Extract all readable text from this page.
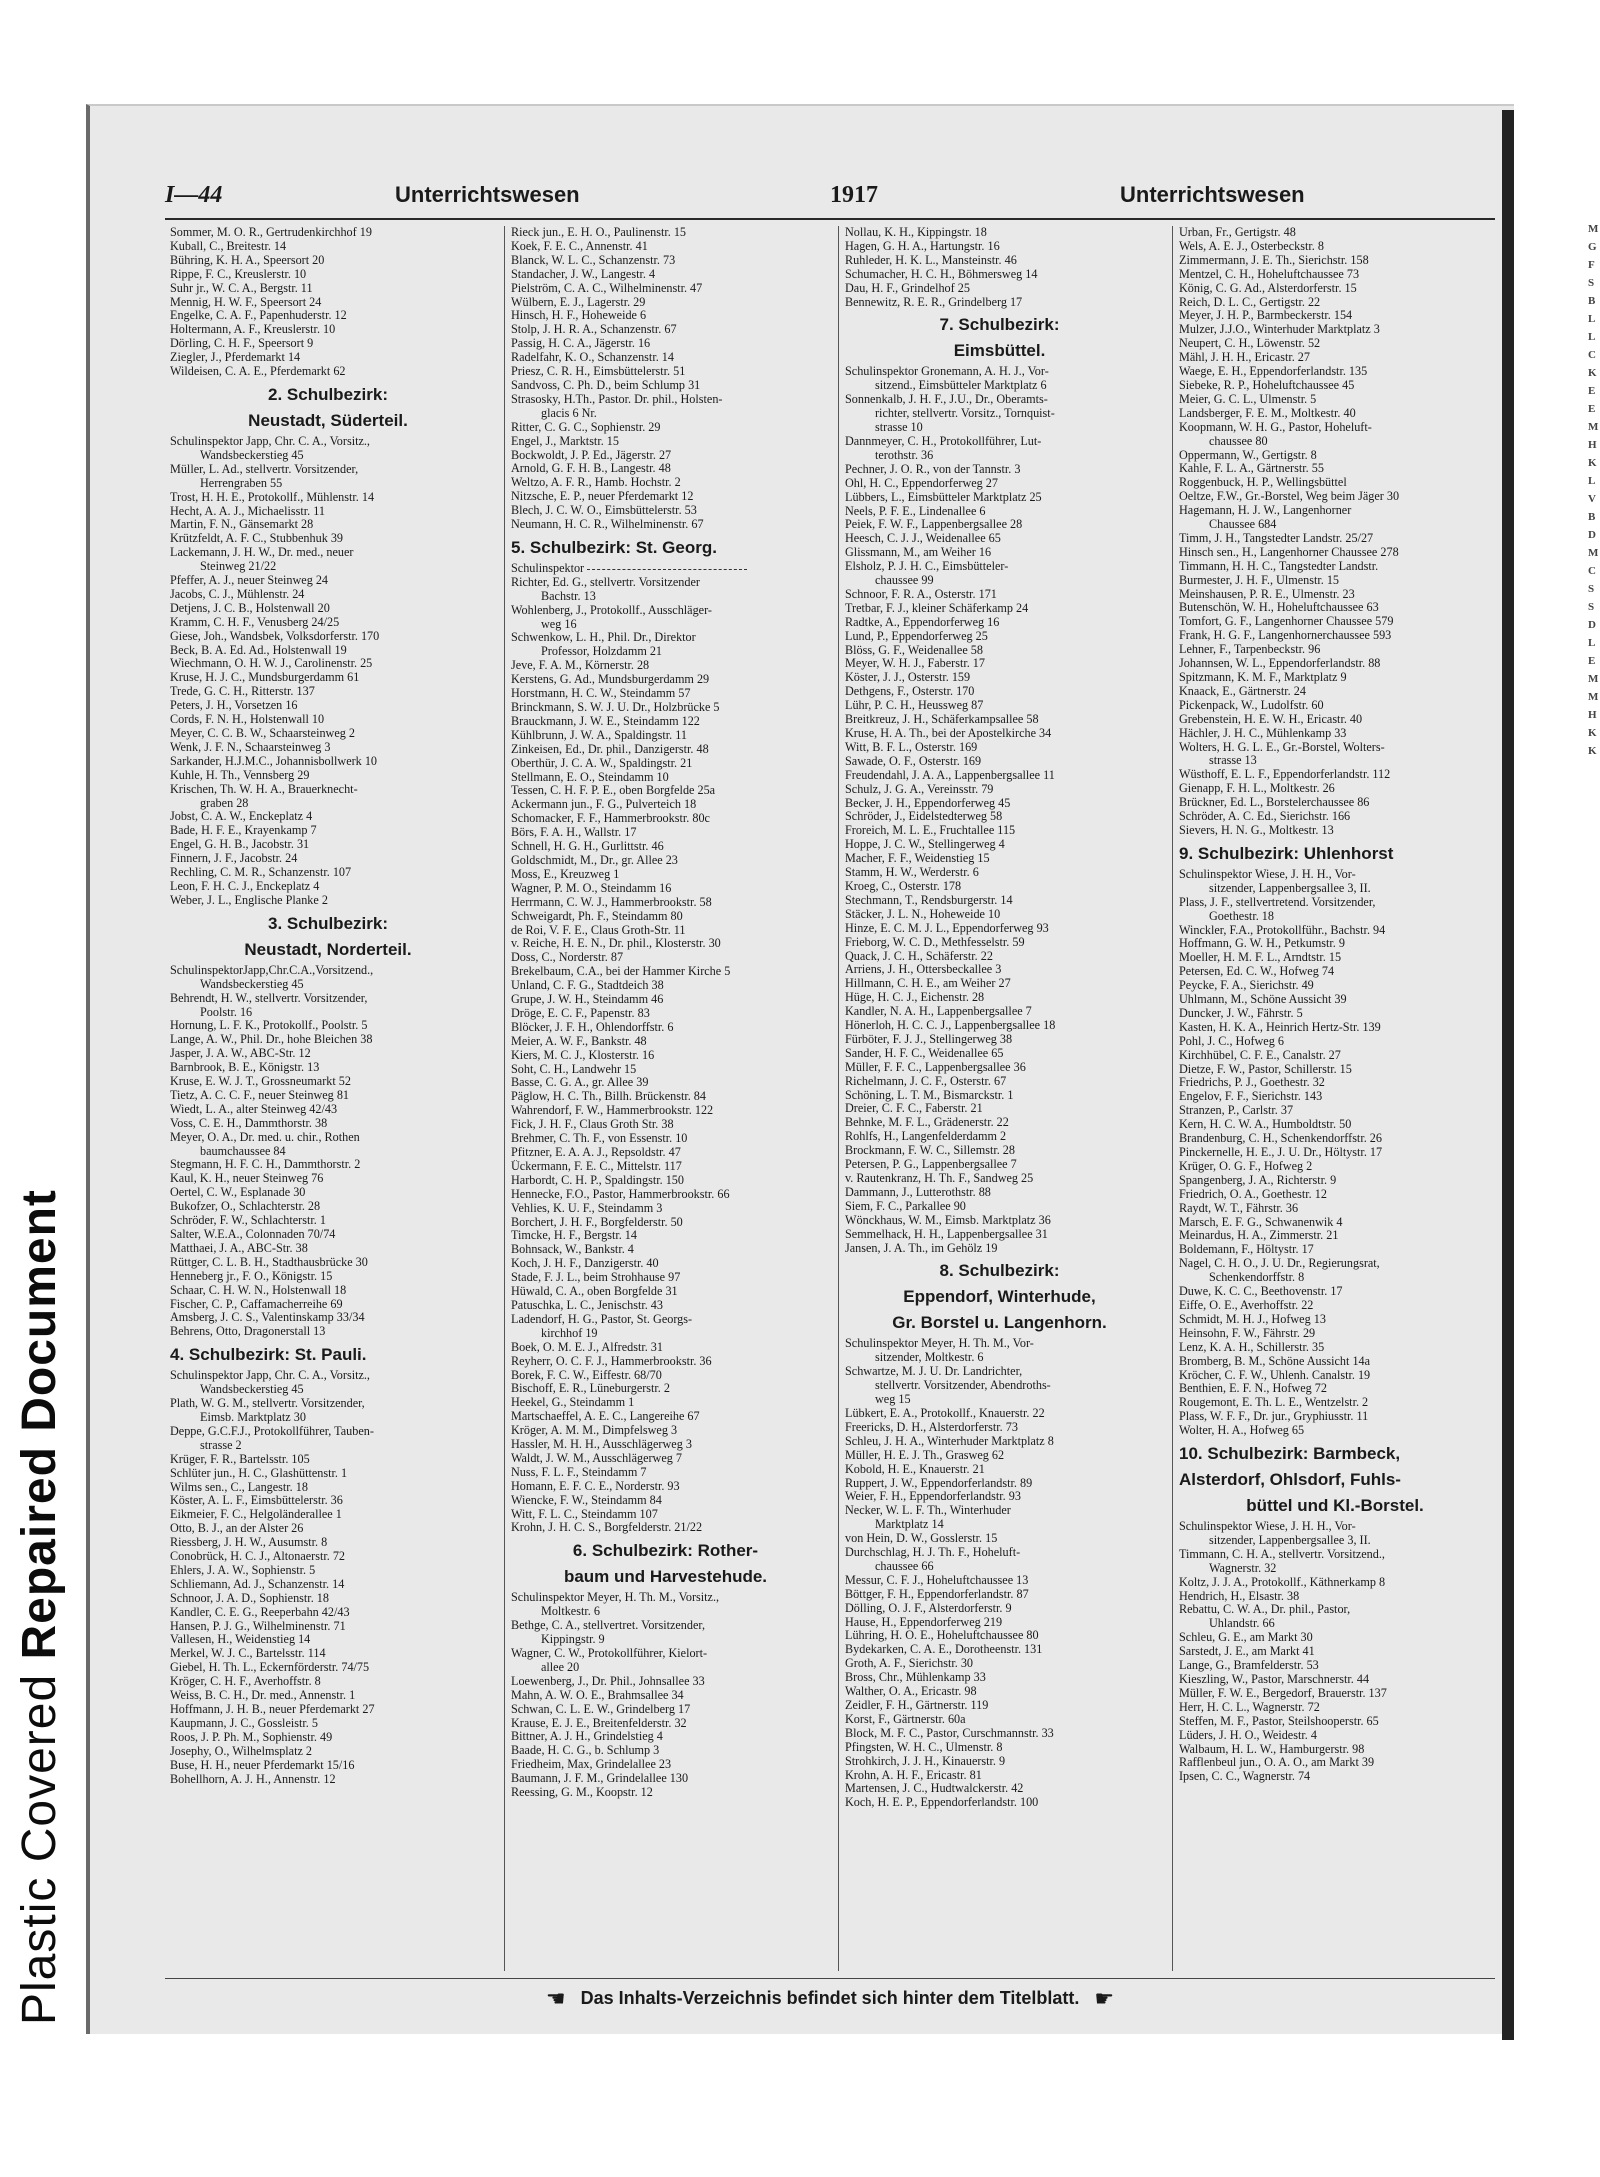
Plastic Covered Repaired Document
M G F S B L L C K E E M H K L V B D M C S S D L E M M H K K
I—44	Unterrichtswesen	1917	Unterrichtswesen
Sommer, M. O. R., Gertrudenkirchhof 19
Kuball, C., Breitestr. 14
Bühring, K. H. A., Speersort 20
Rippe, F. C., Kreuslerstr. 10
Suhr jr., W. C. A., Bergstr. 11
Mennig, H. W. F., Speersort 24
Engelke, C. A. F., Papenhuderstr. 12
Holtermann, A. F., Kreuslerstr. 10
Dörling, C. H. F., Speersort 9
Ziegler, J., Pferdemarkt 14
Wildeisen, C. A. E., Pferdemarkt 62
2. Schulbezirk:
Neustadt, Süderteil.
Schulinspektor Japp, Chr. C. A., Vorsitz.,
Wandsbeckerstieg 45
Müller, L. Ad., stellvertr. Vorsitzender,
Herrengraben 55
Trost, H. H. E., Protokollf., Mühlenstr. 14
Hecht, A. A. J., Michaelisstr. 11
Martin, F. N., Gänsemarkt 28
Krützfeldt, A. F. C., Stubbenhuk 39
Lackemann, J. H. W., Dr. med., neuer
Steinweg 21/22
Pfeffer, A. J., neuer Steinweg 24
Jacobs, C. J., Mühlenstr. 24
Detjens, J. C. B., Holstenwall 20
Kramm, C. H. F., Venusberg 24/25
Giese, Joh., Wandsbek, Volksdorferstr. 170
Beck, B. A. Ed. Ad., Holstenwall 19
Wiechmann, O. H. W. J., Carolinenstr. 25
Kruse, H. J. C., Mundsburgerdamm 61
Trede, G. C. H., Ritterstr. 137
Peters, J. H., Vorsetzen 16
Cords, F. N. H., Holstenwall 10
Meyer, C. C. B. W., Schaarsteinweg 2
Wenk, J. F. N., Schaarsteinweg 3
Sarkander, H.J.M.C., Johannisbollwerk 10
Kuhle, H. Th., Vennsberg 29
Krischen, Th. W. H. A., Brauerknecht-
graben 28
Jobst, C. A. W., Enckeplatz 4
Bade, H. F. E., Krayenkamp 7
Engel, G. H. B., Jacobstr. 31
Finnern, J. F., Jacobstr. 24
Rechling, C. M. R., Schanzenstr. 107
Leon, F. H. C. J., Enckeplatz 4
Weber, J. L., Englische Planke 2
3. Schulbezirk:
Neustadt, Norderteil.
SchulinspektorJapp,Chr.C.A.,Vorsitzend.,
Wandsbeckerstieg 45
Behrendt, H. W., stellvertr. Vorsitzender,
Poolstr. 16
Hornung, L. F. K., Protokollf., Poolstr. 5
Lange, A. W., Phil. Dr., hohe Bleichen 38
Jasper, J. A. W., ABC-Str. 12
Barnbrook, B. E., Königstr. 13
Kruse, E. W. J. T., Grossneumarkt 52
Tietz, A. C. C. F., neuer Steinweg 81
Wiedt, L. A., alter Steinweg 42/43
Voss, C. E. H., Dammthorstr. 38
Meyer, O. A., Dr. med. u. chir., Rothen
baumchaussee 84
Stegmann, H. F. C. H., Dammthorstr. 2
Kaul, K. H., neuer Steinweg 76
Oertel, C. W., Esplanade 30
Bukofzer, O., Schlachterstr. 28
Schröder, F. W., Schlachterstr. 1
Salter, W.E.A., Colonnaden 70/74
Matthaei, J. A., ABC-Str. 38
Rüttger, C. L. B. H., Stadthausbrücke 30
Henneberg jr., F. O., Königstr. 15
Schaar, C. H. W. N., Holstenwall 18
Fischer, C. P., Caffamacherreihe 69
Amsberg, J. C. S., Valentinskamp 33/34
Behrens, Otto, Dragonerstall 13
4. Schulbezirk: St. Pauli.
Schulinspektor Japp, Chr. C. A., Vorsitz.,
Wandsbeckerstieg 45
Plath, W. G. M., stellvertr. Vorsitzender,
Eimsb. Marktplatz 30
Deppe, G.C.F.J., Protokollführer, Tauben-
strasse 2
Krüger, F. R., Bartelsstr. 105
Schlüter jun., H. C., Glashüttenstr. 1
Wilms sen., C., Langestr. 18
Köster, A. L. F., Eimsbüttelerstr. 36
Eikmeier, F. C., Helgoländerallee 1
Otto, B. J., an der Alster 26
Riessberg, J. H. W., Ausumstr. 8
Conobrück, H. C. J., Altonaerstr. 72
Ehlers, J. A. W., Sophienstr. 5
Schliemann, Ad. J., Schanzenstr. 14
Schnoor, J. A. D., Sophienstr. 18
Kandler, C. E. G., Reeperbahn 42/43
Hansen, P. J. G., Wilhelminenstr. 71
Vallesen, H., Weidenstieg 14
Merkel, W. J. C., Bartelsstr. 114
Giebel, H. Th. L., Eckernförderstr. 74/75
Kröger, C. H. F., Averhoffstr. 8
Weiss, B. C. H., Dr. med., Annenstr. 1
Hoffmann, J. H. B., neuer Pferdemarkt 27
Kaupmann, J. C., Gossleistr. 5
Roos, J. P. Ph. M., Sophienstr. 49
Josephy, O., Wilhelmsplatz 2
Buse, H. H., neuer Pferdemarkt 15/16
Bohellhorn, A. J. H., Annenstr. 12
Rieck jun., E. H. O., Paulinenstr. 15
Koek, F. E. C., Annenstr. 41
Blanck, W. L. C., Schanzenstr. 73
Standacher, J. W., Langestr. 4
Pielström, C. A. C., Wilhelminenstr. 47
Wülbern, E. J., Lagerstr. 29
Hinsch, H. F., Hoheweide 6
Stolp, J. H. R. A., Schanzenstr. 67
Passig, H. C. A., Jägerstr. 16
Radelfahr, K. O., Schanzenstr. 14
Priesz, C. R. H., Eimsbüttelerstr. 51
Sandvoss, C. Ph. D., beim Schlump 31
Strasosky, H.Th., Pastor. Dr. phil., Holsten-
glacis 6 Nr.
Ritter, C. G. C., Sophienstr. 29
Engel, J., Marktstr. 15
Bockwoldt, J. P. Ed., Jägerstr. 27
Arnold, G. F. H. B., Langestr. 48
Weltzo, A. F. R., Hamb. Hochstr. 2
Nitzsche, E. P., neuer Pferdemarkt 12
Blech, J. C. W. O., Eimsbüttelerstr. 53
Neumann, H. C. R., Wilhelminenstr. 67
5. Schulbezirk: St. Georg.
Schulinspektor
Richter, Ed. G., stellvertr. Vorsitzender
Bachstr. 13
Wohlenberg, J., Protokollf., Ausschläger-
weg 16
Schwenkow, L. H., Phil. Dr., Direktor
Professor, Holzdamm 21
Jeve, F. A. M., Körnerstr. 28
Kerstens, G. Ad., Mundsburgerdamm 29
Horstmann, H. C. W., Steindamm 57
Brinckmann, S. W. J. U. Dr., Holzbrücke 5
Brauckmann, J. W. E., Steindamm 122
Kühlbrunn, J. W. A., Spaldingstr. 11
Zinkeisen, Ed., Dr. phil., Danzigerstr. 48
Oberthür, J. C. A. W., Spaldingstr. 21
Stellmann, E. O., Steindamm 10
Tessen, C. H. F. P. E., oben Borgfelde 25a
Ackermann jun., F. G., Pulverteich 18
Schomacker, F. F., Hammerbrookstr. 80c
Börs, F. A. H., Wallstr. 17
Schnell, H. G. H., Gurlittstr. 46
Goldschmidt, M., Dr., gr. Allee 23
Moss, E., Kreuzweg 1
Wagner, P. M. O., Steindamm 16
Herrmann, C. W. J., Hammerbrookstr. 58
Schweigardt, Ph. F., Steindamm 80
de Roi, V. F. E., Claus Groth-Str. 11
v. Reiche, H. E. N., Dr. phil., Klosterstr. 30
Doss, C., Norderstr. 87
Brekelbaum, C.A., bei der Hammer Kirche 5
Unland, C. F. G., Stadtdeich 38
Grupe, J. W. H., Steindamm 46
Dröge, E. C. F., Papenstr. 83
Blöcker, J. F. H., Ohlendorffstr. 6
Meier, A. W. F., Bankstr. 48
Kiers, M. C. J., Klosterstr. 16
Soht, C. H., Landwehr 15
Basse, C. G. A., gr. Allee 39
Päglow, H. C. Th., Billh. Brückenstr. 84
Wahrendorf, F. W., Hammerbrookstr. 122
Fick, J. H. F., Claus Groth Str. 38
Brehmer, C. Th. F., von Essenstr. 10
Pfitzner, E. A. A. J., Repsoldstr. 47
Ückermann, F. E. C., Mittelstr. 117
Harbordt, C. H. P., Spaldingstr. 150
Hennecke, F.O., Pastor, Hammerbrookstr. 66
Vehlies, K. U. F., Steindamm 3
Borchert, J. H. F., Borgfelderstr. 50
Timcke, H. F., Bergstr. 14
Bohnsack, W., Bankstr. 4
Koch, J. H. F., Danzigerstr. 40
Stade, F. J. L., beim Strohhause 97
Hüwald, C. A., oben Borgfelde 31
Patuschka, L. C., Jenischstr. 43
Ladendorf, H. G., Pastor, St. Georgs-
kirchhof 19
Boek, O. M. E. J., Alfredstr. 31
Reyherr, O. C. F. J., Hammerbrookstr. 36
Borek, F. C. W., Eiffestr. 68/70
Bischoff, E. R., Lüneburgerstr. 2
Heekel, G., Steindamm 1
Martschaeffel, A. E. C., Langereihe 67
Kröger, A. M. M., Dimpfelsweg 3
Hassler, M. H. H., Ausschlägerweg 3
Waldt, J. W. M., Ausschlägerweg 7
Nuss, F. L. F., Steindamm 7
Homann, E. F. C. E., Norderstr. 93
Wiencke, F. W., Steindamm 84
Witt, F. L. C., Steindamm 107
Krohn, J. H. C. S., Borgfelderstr. 21/22
6. Schulbezirk: Rother-
baum und Harvestehude.
Schulinspektor Meyer, H. Th. M., Vorsitz.,
Moltkestr. 6
Bethge, C. A., stellvertret. Vorsitzender,
Kippingstr. 9
Wagner, C. W., Protokollführer, Kielort-
allee 20
Loewenberg, J., Dr. Phil., Johnsallee 33
Mahn, A. W. O. E., Brahmsallee 34
Schwan, C. L. E. W., Grindelberg 17
Krause, E. J. E., Breitenfelderstr. 32
Bittner, A. J. H., Grindelstieg 4
Baade, H. C. G., b. Schlump 3
Friedheim, Max, Grindelallee 23
Baumann, J. F. M., Grindelallee 130
Reessing, G. M., Koopstr. 12
Nollau, K. H., Kippingstr. 18
Hagen, G. H. A., Hartungstr. 16
Ruhleder, H. K. L., Mansteinstr. 46
Schumacher, H. C. H., Böhmersweg 14
Dau, H. F., Grindelhof 25
Bennewitz, R. E. R., Grindelberg 17
7. Schulbezirk:
Eimsbüttel.
Schulinspektor Gronemann, A. H. J., Vor-
sitzend., Eimsbütteler Marktplatz 6
Sonnenkalb, J. H. F., J.U., Dr., Oberamts-
richter, stellvertr. Vorsitz., Tornquist-
strasse 10
Dannmeyer, C. H., Protokollführer, Lut-
terothstr. 36
Pechner, J. O. R., von der Tannstr. 3
Ohl, H. C., Eppendorferweg 27
Lübbers, L., Eimsbütteler Marktplatz 25
Neels, P. F. E., Lindenallee 6
Peiek, F. W. F., Lappenbergsallee 28
Heesch, C. J. J., Weidenallee 65
Glissmann, M., am Weiher 16
Elsholz, P. J. H. C., Eimsbütteler-
chaussee 99
Schnoor, F. R. A., Osterstr. 171
Tretbar, F. J., kleiner Schäferkamp 24
Radtke, A., Eppendorferweg 16
Lund, P., Eppendorferweg 25
Blöss, G. F., Weidenallee 58
Meyer, W. H. J., Faberstr. 17
Köster, J. J., Osterstr. 159
Dethgens, F., Osterstr. 170
Lühr, P. C. H., Heussweg 87
Breitkreuz, J. H., Schäferkampsallee 58
Kruse, H. A. Th., bei der Apostelkirche 34
Witt, B. F. L., Osterstr. 169
Sawade, O. F., Osterstr. 169
Freudendahl, J. A. A., Lappenbergsallee 11
Schulz, J. G. A., Vereinsstr. 79
Becker, J. H., Eppendorferweg 45
Schröder, J., Eidelstedterweg 58
Froreich, M. L. E., Fruchtallee 115
Hoppe, J. C. W., Stellingerweg 4
Macher, F. F., Weidenstieg 15
Stamm, H. W., Werderstr. 6
Kroeg, C., Osterstr. 178
Stechmann, T., Rendsburgerstr. 14
Stäcker, J. L. N., Hoheweide 10
Hinze, E. C. M. J. L., Eppendorferweg 93
Frieborg, W. C. D., Methfesselstr. 59
Quack, J. C. H., Schäferstr. 22
Arriens, J. H., Ottersbeckallee 3
Hillmann, C. H. E., am Weiher 27
Hüge, H. C. J., Eichenstr. 28
Kandler, N. A. H., Lappenbergsallee 7
Hönerloh, H. C. C. J., Lappenbergsallee 18
Fürböter, F. J. J., Stellingerweg 38
Sander, H. F. C., Weidenallee 65
Müller, F. F. C., Lappenbergsallee 36
Richelmann, J. C. F., Osterstr. 67
Schöning, L. T. M., Bismarckstr. 1
Dreier, C. F. C., Faberstr. 21
Behnke, M. F. L., Grädenerstr. 22
Rohlfs, H., Langenfelderdamm 2
Brockmann, F. W. C., Sillemstr. 28
Petersen, P. G., Lappenbergsallee 7
v. Rautenkranz, H. Th. F., Sandweg 25
Dammann, J., Lutterothstr. 88
Siem, F. C., Parkallee 90
Wönckhaus, W. M., Eimsb. Marktplatz 36
Semmelhack, H. H., Lappenbergsallee 31
Jansen, J. A. Th., im Gehölz 19
8. Schulbezirk:
Eppendorf, Winterhude,
Gr. Borstel u. Langenhorn.
Schulinspektor Meyer, H. Th. M., Vor-
sitzender, Moltkestr. 6
Schwartze, M. J. U. Dr. Landrichter,
stellvertr. Vorsitzender, Abendroths-
weg 15
Lübkert, E. A., Protokollf., Knauerstr. 22
Freericks, D. H., Alsterdorferstr. 73
Schleu, J. H. A., Winterhuder Marktplatz 8
Müller, H. E. J. Th., Grasweg 62
Kobold, H. E., Knauerstr. 21
Ruppert, J. W., Eppendorferlandstr. 89
Weier, F. H., Eppendorferlandstr. 93
Necker, W. L. F. Th., Winterhuder
Marktplatz 14
von Hein, D. W., Gosslerstr. 15
Durchschlag, H. J. Th. F., Hoheluft-
chaussee 66
Messur, C. F. J., Hoheluftchaussee 13
Böttger, F. H., Eppendorferlandstr. 87
Dölling, O. J. F., Alsterdorferstr. 9
Hause, H., Eppendorferweg 219
Lühring, H. O. E., Hoheluftchaussee 80
Bydekarken, C. A. E., Dorotheenstr. 131
Groth, A. F., Sierichstr. 30
Bross, Chr., Mühlenkamp 33
Walther, O. A., Ericastr. 98
Zeidler, F. H., Gärtnerstr. 119
Korst, F., Gärtnerstr. 60a
Block, M. F. C., Pastor, Curschmannstr. 33
Pfingsten, W. H. C., Ulmenstr. 8
Strohkirch, J. J. H., Kinauerstr. 9
Krohn, A. H. F., Ericastr. 81
Martensen, J. C., Hudtwalckerstr. 42
Koch, H. E. P., Eppendorferlandstr. 100
Urban, Fr., Gertigstr. 48
Wels, A. E. J., Osterbeckstr. 8
Zimmermann, J. E. Th., Sierichstr. 158
Mentzel, C. H., Hoheluftchaussee 73
König, C. G. Ad., Alsterdorferstr. 15
Reich, D. L. C., Gertigstr. 22
Meyer, J. H. P., Barmbeckerstr. 154
Mulzer, J.J.O., Winterhuder Marktplatz 3
Neupert, C. H., Löwenstr. 52
Mähl, J. H. H., Ericastr. 27
Waege, E. H., Eppendorferlandstr. 135
Siebeke, R. P., Hoheluftchaussee 45
Meier, G. C. L., Ulmenstr. 5
Landsberger, F. E. M., Moltkestr. 40
Koopmann, W. H. G., Pastor, Hoheluft-
chaussee 80
Oppermann, W., Gertigstr. 8
Kahle, F. L. A., Gärtnerstr. 55
Roggenbuck, H. P., Wellingsbüttel
Oeltze, F.W., Gr.-Borstel, Weg beim Jäger 30
Hagemann, H. J. W., Langenhorner
Chaussee 684
Timm, J. H., Tangstedter Landstr. 25/27
Hinsch sen., H., Langenhorner Chaussee 278
Timmann, H. H. C., Tangstedter Landstr.
Burmester, J. H. F., Ulmenstr. 15
Meinshausen, P. R. E., Ulmenstr. 23
Butenschön, W. H., Hoheluftchaussee 63
Tomfort, G. F., Langenhorner Chaussee 579
Frank, H. G. F., Langenhornerchaussee 593
Lehner, F., Tarpenbeckstr. 96
Johannsen, W. L., Eppendorferlandstr. 88
Spitzmann, K. M. F., Marktplatz 9
Knaack, E., Gärtnerstr. 24
Pickenpack, W., Ludolfstr. 60
Grebenstein, H. E. W. H., Ericastr. 40
Hächler, J. H. C., Mühlenkamp 33
Wolters, H. G. L. E., Gr.-Borstel, Wolters-
strasse 13
Wüsthoff, E. L. F., Eppendorferlandstr. 112
Gienapp, F. H. L., Moltkestr. 26
Brückner, Ed. L., Borstelerchaussee 86
Schröder, A. C. Ed., Sierichstr. 166
Sievers, H. N. G., Moltkestr. 13
9. Schulbezirk: Uhlenhorst
Schulinspektor Wiese, J. H. H., Vor-
sitzender, Lappenbergsallee 3, II.
Plass, J. F., stellvertretend. Vorsitzender,
Goethestr. 18
Winckler, F.A., Protokollführ., Bachstr. 94
Hoffmann, G. W. H., Petkumstr. 9
Moeller, H. M. F. L., Arndtstr. 15
Petersen, Ed. C. W., Hofweg 74
Peycke, F. A., Sierichstr. 49
Uhlmann, M., Schöne Aussicht 39
Duncker, J. W., Fährstr. 5
Kasten, H. K. A., Heinrich Hertz-Str. 139
Pohl, J. C., Hofweg 6
Kirchhübel, C. F. E., Canalstr. 27
Dietze, F. W., Pastor, Schillerstr. 15
Friedrichs, P. J., Goethestr. 32
Engelov, F. F., Sierichstr. 143
Stranzen, P., Carlstr. 37
Kern, H. C. W. A., Humboldtstr. 50
Brandenburg, C. H., Schenkendorffstr. 26
Pinckernelle, H. E., J. U. Dr., Höltystr. 17
Krüger, O. G. F., Hofweg 2
Spangenberg, J. A., Richterstr. 9
Friedrich, O. A., Goethestr. 12
Raydt, W. T., Fährstr. 36
Marsch, E. F. G., Schwanenwik 4
Meinardus, H. A., Zimmerstr. 21
Boldemann, F., Höltystr. 17
Nagel, C. H. O., J. U. Dr., Regierungsrat,
Schenkendorffstr. 8
Duwe, K. C. C., Beethovenstr. 17
Eiffe, O. E., Averhoffstr. 22
Schmidt, M. H. J., Hofweg 13
Heinsohn, F. W., Fährstr. 29
Lenz, K. A. H., Schillerstr. 35
Bromberg, B. M., Schöne Aussicht 14a
Kröcher, C. F. W., Uhlenh. Canalstr. 19
Benthien, E. F. N., Hofweg 72
Rougemont, E. Th. L. E., Wentzelstr. 2
Plass, W. F. F., Dr. jur., Gryphiusstr. 11
Wolter, H. A., Hofweg 65
10. Schulbezirk: Barmbeck,
Alsterdorf, Ohlsdorf, Fuhls-
büttel und Kl.-Borstel.
Schulinspektor Wiese, J. H. H., Vor-
sitzender, Lappenbergsallee 3, II.
Timmann, C. H. A., stellvertr. Vorsitzend.,
Wagnerstr. 32
Koltz, J. J. A., Protokollf., Käthnerkamp 8
Hendrich, H., Elsastr. 38
Rebattu, C. W. A., Dr. phil., Pastor,
Uhlandstr. 66
Schleu, G. E., am Markt 30
Sarstedt, J. E., am Markt 41
Lange, G., Bramfelderstr. 53
Kieszling, W., Pastor, Marschnerstr. 44
Müller, F. W. E., Bergedorf, Brauerstr. 137
Herr, H. C. L., Wagnerstr. 72
Steffen, M. F., Pastor, Steilshooperstr. 65
Lüders, J. H. O., Weidestr. 4
Walbaum, H. L. W., Hamburgerstr. 98
Rafflenbeul jun., O. A. O., am Markt 39
Ipsen, C. C., Wagnerstr. 74
☚ Das Inhalts-Verzeichnis befindet sich hinter dem Titelblatt. ☛
